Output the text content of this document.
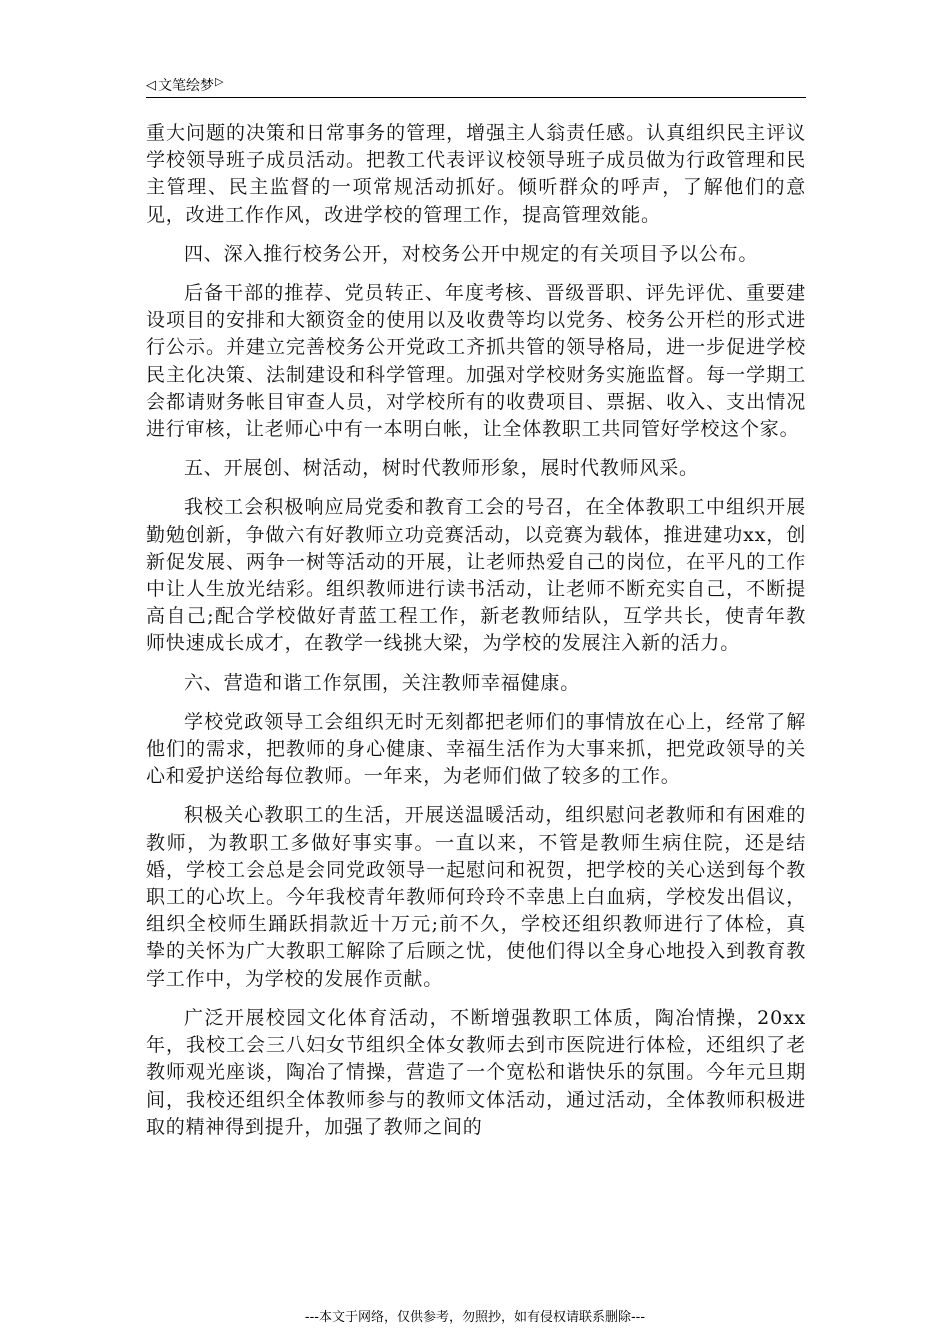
◁ 文笔绘梦 ▷

重大问题的决策和日常事务的管理，增强主人翁责任感。认真组织民主评议学校领导班子成员活动。把教工代表评议校领导班子成员做为行政管理和民主管理、民主监督的一项常规活动抓好。倾听群众的呼声，了解他们的意见，改进工作作风，改进学校的管理工作，提高管理效能。

四、深入推行校务公开，对校务公开中规定的有关项目予以公布。

后备干部的推荐、党员转正、年度考核、晋级晋职、评先评优、重要建设项目的安排和大额资金的使用以及收费等均以党务、校务公开栏的形式进行公示。并建立完善校务公开党政工齐抓共管的领导格局，进一步促进学校民主化决策、法制建设和科学管理。加强对学校财务实施监督。每一学期工会都请财务帐目审查人员，对学校所有的收费项目、票据、收入、支出情况进行审核，让老师心中有一本明白帐，让全体教职工共同管好学校这个家。

五、开展创、树活动，树时代教师形象，展时代教师风采。

我校工会积极响应局党委和教育工会的号召，在全体教职工中组织开展勤勉创新，争做六有好教师立功竞赛活动，以竞赛为载体，推进建功xx，创新促发展、两争一树等活动的开展，让老师热爱自己的岗位，在平凡的工作中让人生放光结彩。组织教师进行读书活动，让老师不断充实自己，不断提高自己;配合学校做好青蓝工程工作，新老教师结队，互学共长，使青年教师快速成长成才，在教学一线挑大梁，为学校的发展注入新的活力。

六、营造和谐工作氛围，关注教师幸福健康。

学校党政领导工会组织无时无刻都把老师们的事情放在心上，经常了解他们的需求，把教师的身心健康、幸福生活作为大事来抓，把党政领导的关心和爱护送给每位教师。一年来，为老师们做了较多的工作。

积极关心教职工的生活，开展送温暖活动，组织慰问老教师和有困难的教师，为教职工多做好事实事。一直以来，不管是教师生病住院，还是结婚，学校工会总是会同党政领导一起慰问和祝贺，把学校的关心送到每个教职工的心坎上。今年我校青年教师何玲玲不幸患上白血病，学校发出倡议，组织全校师生踊跃捐款近十万元;前不久，学校还组织教师进行了体检，真挚的关怀为广大教职工解除了后顾之忧，使他们得以全身心地投入到教育教学工作中，为学校的发展作贡献。

广泛开展校园文化体育活动，不断增强教职工体质，陶冶情操，20xx年，我校工会三八妇女节组织全体女教师去到市医院进行体检，还组织了老教师观光座谈，陶冶了情操，营造了一个宽松和谐快乐的氛围。今年元旦期间，我校还组织全体教师参与的教师文体活动，通过活动，全体教师积极进取的精神得到提升，加强了教师之间的

---本文于网络，仅供参考，勿照抄，如有侵权请联系删除---
